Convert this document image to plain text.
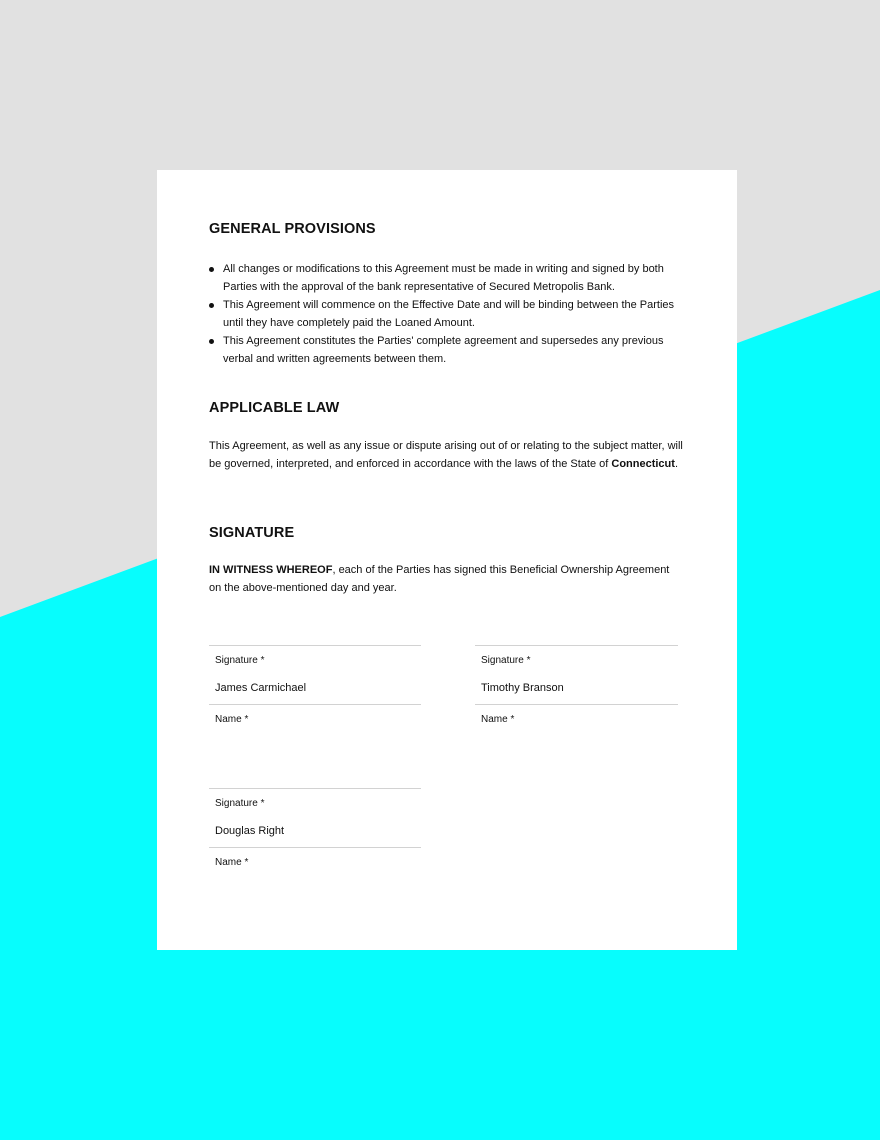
GENERAL PROVISIONS
All changes or modifications to this Agreement must be made in writing and signed by both Parties with the approval of the bank representative of Secured Metropolis Bank.
This Agreement will commence on the Effective Date and will be binding between the Parties until they have completely paid the Loaned Amount.
This Agreement constitutes the Parties' complete agreement and supersedes any previous verbal and written agreements between them.
APPLICABLE LAW

This Agreement, as well as any issue or dispute arising out of or relating to the subject matter, will be governed, interpreted, and enforced in accordance with the laws of the State of Connecticut.

SIGNATURE

IN WITNESS WHEREOF, each of the Parties has signed this Beneficial Ownership Agreement on the above-mentioned day and year.

Signature *
James Carmichael
Name *
Signature *
Timothy Branson
Name *
Signature *
Douglas Right
Name *
